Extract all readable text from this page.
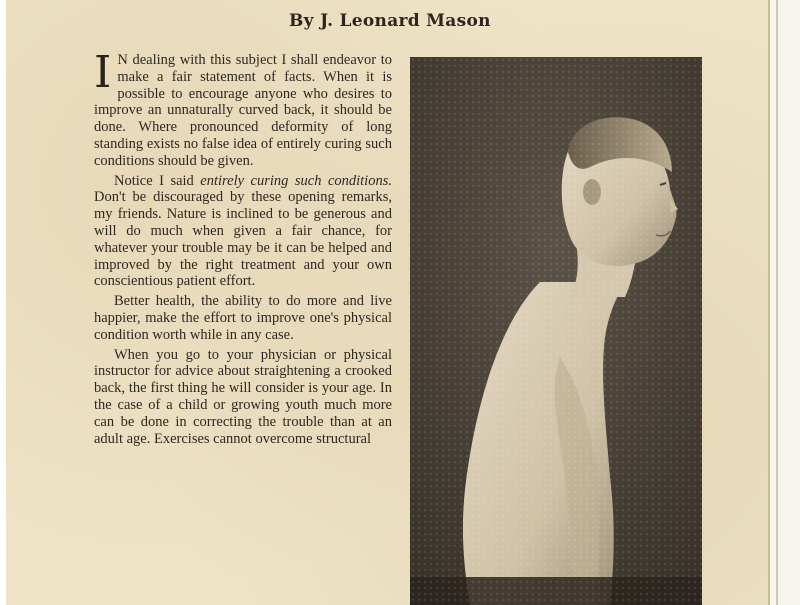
By J. Leonard Mason

I N dealing with this subject I shall endeavor to make a fair statement of facts. When it is possible to encourage anyone who desires to improve an unnaturally curved back, it should be done. Where pronounced deformity of long standing exists no false idea of entirely curing such conditions should be given.

Notice I said entirely curing such conditions. Don't be discouraged by these opening remarks, my friends. Nature is inclined to be generous and will do much when given a fair chance, for whatever your trouble may be it can be helped and improved by the right treatment and your own conscientious patient effort.

Better health, the ability to do more and live happier, make the effort to improve one's physical condition worth while in any case.

When you go to your physician or physical instructor for advice about straightening a crooked back, the first thing he will consider is your age. In the case of a child or growing youth much more can be done in correcting the trouble than at an adult age. Exercises cannot overcome structural
